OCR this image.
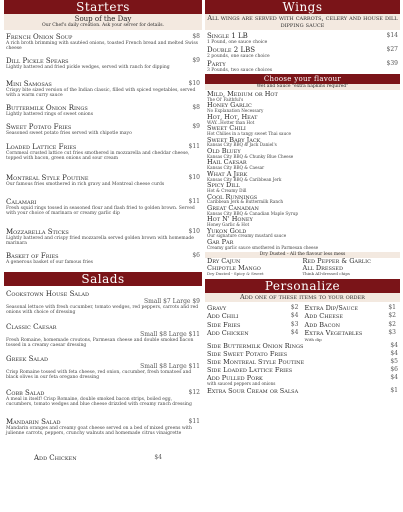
Starters
Soup of the Day
Our Chef's daily creation. Ask your server for details.
French Onion Soup	$8
A rich broth brimming with sautéed onions, toasted French bread and melted Swiss cheese
Dill Pickle Spears	$9
Lightly battered and fried pickle wedges, served with ranch for dipping
Mini Samosas	$10
Crispy bite sized version of the Indian classic, filled with spiced vegetables, served with a warm curry sauce
Buttermilk Onion Rings	$8
Lightly battered rings of sweet onions
Sweet Potato Fries	$9
Seasoned sweet potato fries served with chipotle mayo
Loaded Lattice Fries	$11
Cornmeal crusted lattice cut fries smothered in mozzarella and cheddar cheese, topped with bacon, green onions and sour cream
Montreal Style Poutine	$10
Our famous fries smothered in rich gravy and Montreal cheese curds
Calamari	$11
Fresh squid rings tossed in seasoned flour and flash fried to golden brown. Served with your choice of marinara or creamy garlic dip
Mozzarella Sticks	$10
Lightly battered and crispy fried mozzarella served golden brown with homemade marinara
Basket of Fries	$6
A generous basket of our famous fries
Salads
Cookstown House Salad
Small $7 Large $9
Seasonal lettuce with fresh cucumber, tomato wedges, red peppers, carrots and red onions with choice of dressing
Classic Caesar
Small $8 Large $11
Fresh Romaine, homemade croutons, Parmesan cheese and double smoked bacon tossed in a creamy caesar dressing
Greek Salad
Small $8 Large $11
Crisp Romaine tossed with feta cheese, red onion, cucumber, fresh tomatoes and black olives in our feta oregano dressing
Cobb Salad	$12
A meal in itself! Crisp Romaine, double smoked bacon strips, boiled egg, cucumbers, tomato wedges and blue cheese drizzled with creamy ranch dressing
Mandarin Salad	$11
Mandarin oranges and creamy goat cheese served on a bed of mixed greens with julienne carrots, peppers, crunchy walnuts and homemade citrus vinaigrette
Add Chicken	$4
Wings
All wings are served with carrots, celery and house dill dipping sauce
Single 1 LB	$14
1 Pound, one sauce choice
Double 2 LBS	$27
2 pounds, one sauce choice
Party	$39
3 Pounds, two sauce choices
Choose your flavour
Wet and Sauce "extra napkins required"
Mild, Medium or Hot
The Ol' Faithful's
Honey Garlic
No Explanation Necessary
Hot, Hot, Heat
WAY...Hotter than Hot
Sweet Chili
Hot Chilies in a tangy sweet Thai sauce
Sweet Baby Jack
Kansas City BBQ & Jack Daniel's
Old Bluey
Kansas City BBQ & Chunky Blue Cheese
Hail Caesar
Kansas City BBQ & Caesar
What A Jerk
Kansas City BBQ & Caribbean Jerk
Spicy Dill
Hot & Creamy Dill
Cool Runnings
Caribbean Jerk & Buttermilk Ranch
Great Canadian
Kansas City BBQ & Canadian Maple Syrup
Hot N' Honey
Honey Garlic & Hot
Yukon Gold
Our signature creamy mustard sauce
Gar Par
Creamy garlic sauce smothered in Parmesan cheese
Dry Dusted - All the flavour less mess
Dry Cajun	Red Pepper & Garlic
Chipotle Mango
Dry Dusted - Spicy & Sweet
All Dressed
Think All-dressed chips
Personalize
Add one of these items to your order
Gravy	$2 Extra Dip/Sauce	$1
Add Chili	$4 Add Cheese	$2
Side Fries	$3 Add Bacon	$2
Add Chicken	$4 Extra Vegetables	$3
With dip
Side Buttermilk Onion Rings	$4
Side Sweet Potato Fries	$4
Side Montreal Style Poutine	$5
Side Loaded Lattice Fries	$6
Add Pulled Pork	$4
with sauced peppers and onions
Extra Sour Cream or Salsa	$1
